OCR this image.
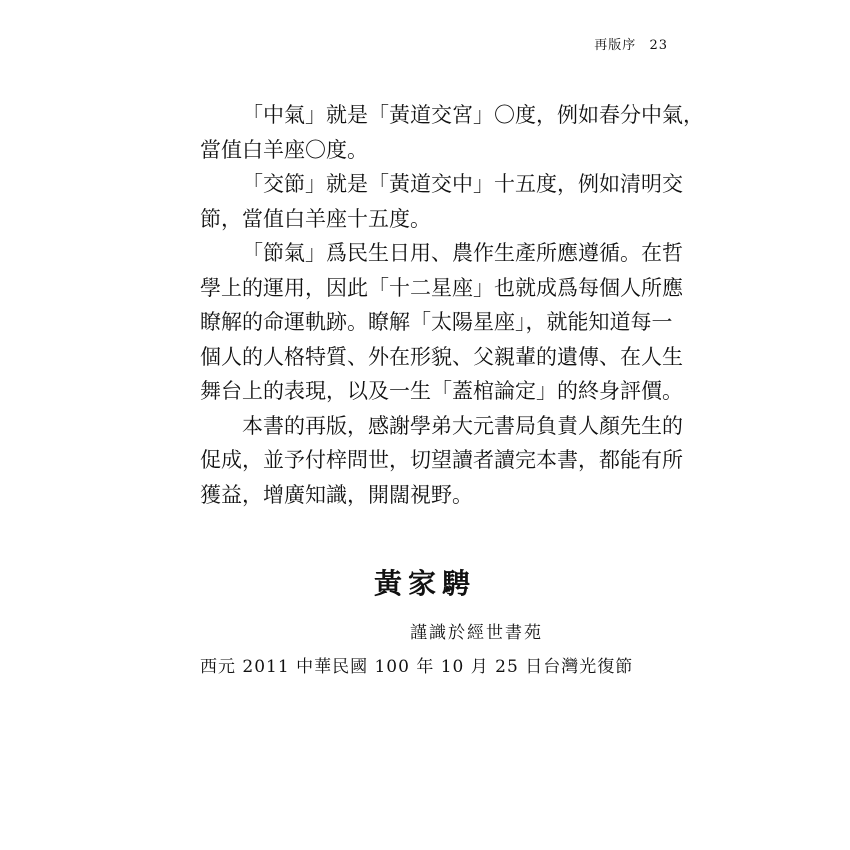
再版序 23

「中氣」就是「黃道交宮」〇度，例如春分中氣，
當值白羊座〇度。

「交節」就是「黃道交中」十五度，例如清明交
節，當值白羊座十五度。

「節氣」爲民生日用、農作生產所應遵循。在哲
學上的運用，因此「十二星座」也就成爲每個人所應
瞭解的命運軌跡。瞭解「太陽星座」，就能知道每一
個人的人格特質、外在形貌、父親輩的遺傳、在人生
舞台上的表現，以及一生「蓋棺論定」的終身評價。

本書的再版，感謝學弟大元書局負責人顏先生的
促成，並予付梓問世，切望讀者讀完本書，都能有所
獲益，增廣知識，開闊視野。

黃家騁
謹識於經世書苑
西元 2011 中華民國 100 年 10 月 25 日台灣光復節
